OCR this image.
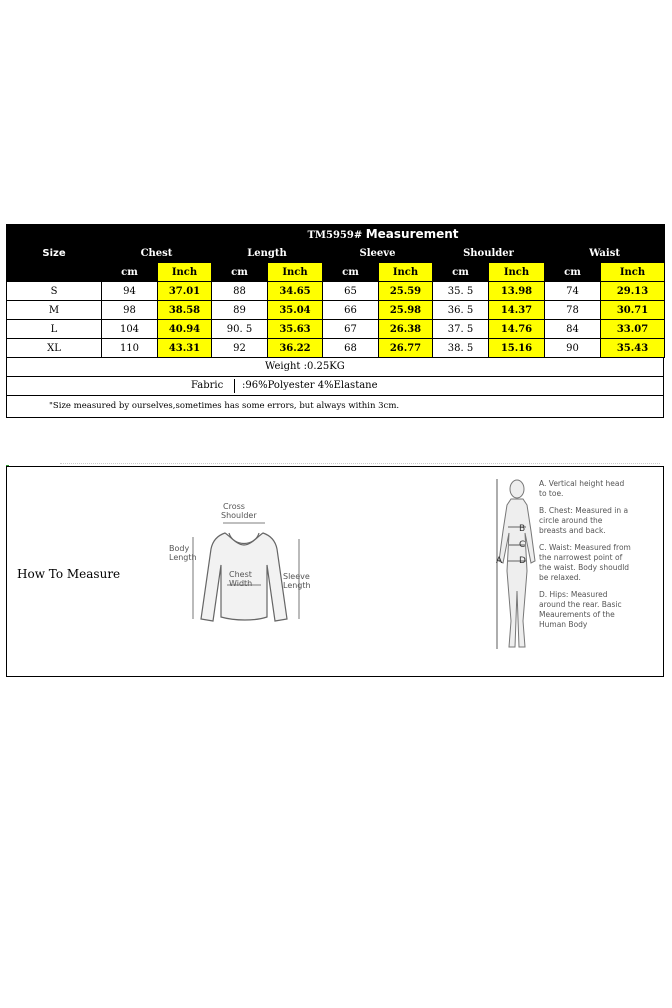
Size	TM5959# Measurement									
	Chest		Length		Sleeve		Shoulder		Waist	
	cm	Inch	cm	Inch	cm	Inch	cm	Inch	cm	Inch
S	94	37.01	88	34.65	65	25.59	35. 5	13.98	74	29.13
M	98	38.58	89	35.04	66	25.98	36. 5	14.37	78	30.71
L	104	40.94	90. 5	35.63	67	26.38	37. 5	14.76	84	33.07
XL	110	43.31	92	36.22	68	26.77	38. 5	15.16	90	35.43
Weight :0.25KG
Fabric :96%Polyester 4%Elastane
"Size measured by ourselves,sometimes has some errors, but always within 3cm.
How To Measure
Cross
Shoulder
Body
Length
Chest
Width
Sleeve
Length
A
B
C
D

A. Vertical height head to toe.

B. Chest: Measured in a circle around the breasts and back.

C. Waist: Measured from the narrowest point of the waist. Body shoudld be relaxed.

D. Hips: Measured around the rear. Basic Meaurements of the Human Body
